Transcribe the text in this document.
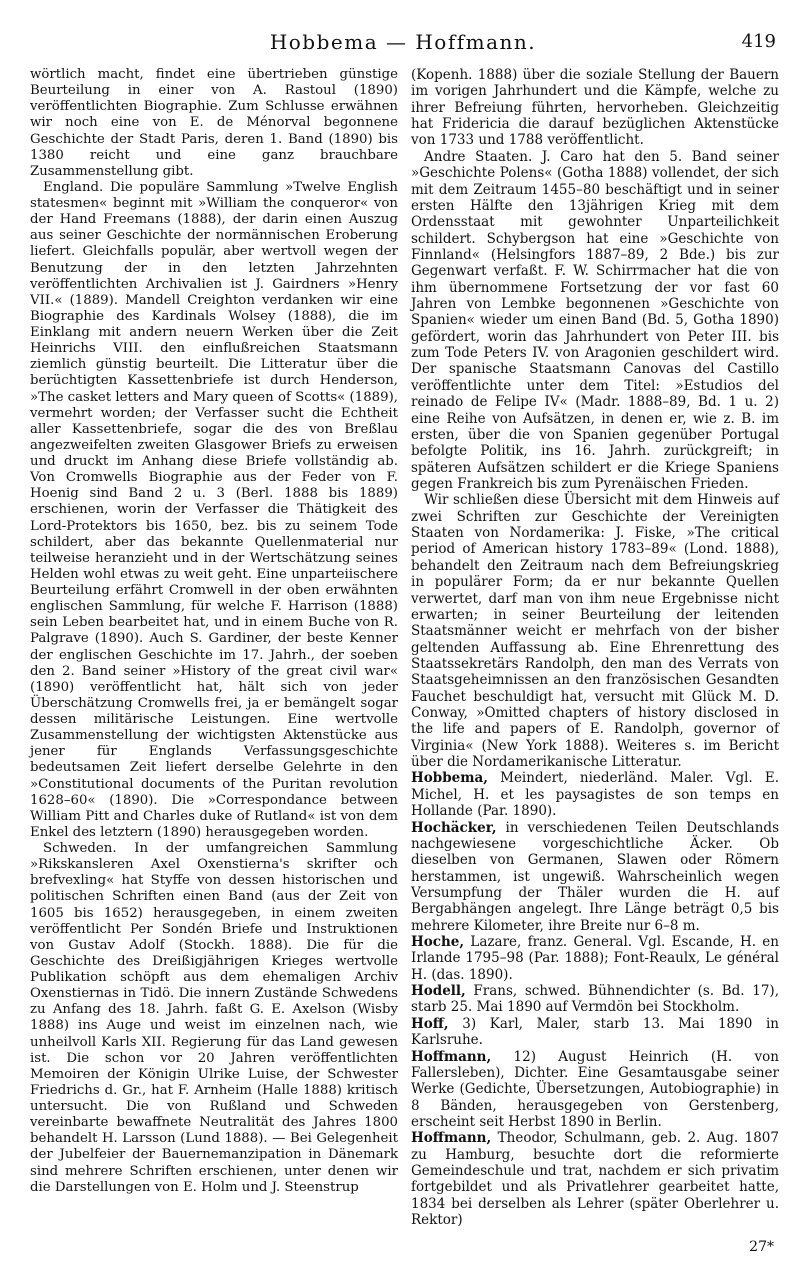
Hobbema — Hoffmann.	419

wörtlich macht, findet eine übertrieben günstige Beurteilung in einer von A. Rastoul (1890) veröffentlichten Biographie. Zum Schlusse erwähnen wir noch eine von E. de Ménorval begonnene Geschichte der Stadt Paris, deren 1. Band (1890) bis 1380 reicht und eine ganz brauchbare Zusammenstellung gibt.

England. Die populäre Sammlung »Twelve English statesmen« beginnt mit »William the conqueror« von der Hand Freemans (1888), der darin einen Auszug aus seiner Geschichte der normännischen Eroberung liefert. Gleichfalls populär, aber wertvoll wegen der Benutzung der in den letzten Jahrzehnten veröffentlichten Archivalien ist J. Gairdners »Henry VII.« (1889). Mandell Creighton verdanken wir eine Biographie des Kardinals Wolsey (1888), die im Einklang mit andern neuern Werken über die Zeit Heinrichs VIII. den einflußreichen Staatsmann ziemlich günstig beurteilt. Die Litteratur über die berüchtigten Kassettenbriefe ist durch Henderson, »The casket letters and Mary queen of Scotts« (1889), vermehrt worden; der Verfasser sucht die Echtheit aller Kassettenbriefe, sogar die des von Breßlau angezweifelten zweiten Glasgower Briefs zu erweisen und druckt im Anhang diese Briefe vollständig ab. Von Cromwells Biographie aus der Feder von F. Hoenig sind Band 2 u. 3 (Berl. 1888 bis 1889) erschienen, worin der Verfasser die Thätigkeit des Lord-Protektors bis 1650, bez. bis zu seinem Tode schildert, aber das bekannte Quellenmaterial nur teilweise heranzieht und in der Wertschätzung seines Helden wohl etwas zu weit geht. Eine unparteiischere Beurteilung erfährt Cromwell in der oben erwähnten englischen Sammlung, für welche F. Harrison (1888) sein Leben bearbeitet hat, und in einem Buche von R. Palgrave (1890). Auch S. Gardiner, der beste Kenner der englischen Geschichte im 17. Jahrh., der soeben den 2. Band seiner »History of the great civil war« (1890) veröffentlicht hat, hält sich von jeder Überschätzung Cromwells frei, ja er bemängelt sogar dessen militärische Leistungen. Eine wertvolle Zusammenstellung der wichtigsten Aktenstücke aus jener für Englands Verfassungsgeschichte bedeutsamen Zeit liefert derselbe Gelehrte in den »Constitutional documents of the Puritan revolution 1628–60« (1890). Die »Correspondance between William Pitt and Charles duke of Rutland« ist von dem Enkel des letztern (1890) herausgegeben worden.

Schweden. In der umfangreichen Sammlung »Rikskansleren Axel Oxenstierna's skrifter och brefvexling« hat Styffe von dessen historischen und politischen Schriften einen Band (aus der Zeit von 1605 bis 1652) herausgegeben, in einem zweiten veröffentlicht Per Sondén Briefe und Instruktionen von Gustav Adolf (Stockh. 1888). Die für die Geschichte des Dreißigjährigen Krieges wertvolle Publikation schöpft aus dem ehemaligen Archiv Oxenstiernas in Tidö. Die innern Zustände Schwedens zu Anfang des 18. Jahrh. faßt G. E. Axelson (Wisby 1888) ins Auge und weist im einzelnen nach, wie unheilvoll Karls XII. Regierung für das Land gewesen ist. Die schon vor 20 Jahren veröffentlichten Memoiren der Königin Ulrike Luise, der Schwester Friedrichs d. Gr., hat F. Arnheim (Halle 1888) kritisch untersucht. Die von Rußland und Schweden vereinbarte bewaffnete Neutralität des Jahres 1800 behandelt H. Larsson (Lund 1888). — Bei Gelegenheit der Jubelfeier der Bauernemanzipation in Dänemark sind mehrere Schriften erschienen, unter denen wir die Darstellungen von E. Holm und J. Steenstrup

(Kopenh. 1888) über die soziale Stellung der Bauern im vorigen Jahrhundert und die Kämpfe, welche zu ihrer Befreiung führten, hervorheben. Gleichzeitig hat Fridericia die darauf bezüglichen Aktenstücke von 1733 und 1788 veröffentlicht.

Andre Staaten. J. Caro hat den 5. Band seiner »Geschichte Polens« (Gotha 1888) vollendet, der sich mit dem Zeitraum 1455–80 beschäftigt und in seiner ersten Hälfte den 13jährigen Krieg mit dem Ordensstaat mit gewohnter Unparteilichkeit schildert. Schybergson hat eine »Geschichte von Finnland« (Helsingfors 1887–89, 2 Bde.) bis zur Gegenwart verfaßt. F. W. Schirrmacher hat die von ihm übernommene Fortsetzung der vor fast 60 Jahren von Lembke begonnenen »Geschichte von Spanien« wieder um einen Band (Bd. 5, Gotha 1890) gefördert, worin das Jahrhundert von Peter III. bis zum Tode Peters IV. von Aragonien geschildert wird. Der spanische Staatsmann Canovas del Castillo veröffentlichte unter dem Titel: »Estudios del reinado de Felipe IV« (Madr. 1888–89, Bd. 1 u. 2) eine Reihe von Aufsätzen, in denen er, wie z. B. im ersten, über die von Spanien gegenüber Portugal befolgte Politik, ins 16. Jahrh. zurückgreift; in späteren Aufsätzen schildert er die Kriege Spaniens gegen Frankreich bis zum Pyrenäischen Frieden.

Wir schließen diese Übersicht mit dem Hinweis auf zwei Schriften zur Geschichte der Vereinigten Staaten von Nordamerika: J. Fiske, »The critical period of American history 1783–89« (Lond. 1888), behandelt den Zeitraum nach dem Befreiungskrieg in populärer Form; da er nur bekannte Quellen verwertet, darf man von ihm neue Ergebnisse nicht erwarten; in seiner Beurteilung der leitenden Staatsmänner weicht er mehrfach von der bisher geltenden Auffassung ab. Eine Ehrenrettung des Staatssekretärs Randolph, den man des Verrats von Staatsgeheimnissen an den französischen Gesandten Fauchet beschuldigt hat, versucht mit Glück M. D. Conway, »Omitted chapters of history disclosed in the life and papers of E. Randolph, governor of Virginia« (New York 1888). Weiteres s. im Bericht über die Nordamerikanische Litteratur.

Hobbema, Meindert, niederländ. Maler. Vgl. E. Michel, H. et les paysagistes de son temps en Hollande (Par. 1890).

Hochäcker, in verschiedenen Teilen Deutschlands nachgewiesene vorgeschichtliche Äcker. Ob dieselben von Germanen, Slawen oder Römern herstammen, ist ungewiß. Wahrscheinlich wegen Versumpfung der Thäler wurden die H. auf Bergabhängen angelegt. Ihre Länge beträgt 0,5 bis mehrere Kilometer, ihre Breite nur 6–8 m.

Hoche, Lazare, franz. General. Vgl. Escande, H. en Irlande 1795–98 (Par. 1888); Font-Reaulx, Le général H. (das. 1890).

Hodell, Frans, schwed. Bühnendichter (s. Bd. 17), starb 25. Mai 1890 auf Vermdön bei Stockholm.

Hoff, 3) Karl, Maler, starb 13. Mai 1890 in Karlsruhe.

Hoffmann, 12) August Heinrich (H. von Fallersleben), Dichter. Eine Gesamtausgabe seiner Werke (Gedichte, Übersetzungen, Autobiographie) in 8 Bänden, herausgegeben von Gerstenberg, erscheint seit Herbst 1890 in Berlin.

Hoffmann, Theodor, Schulmann, geb. 2. Aug. 1807 zu Hamburg, besuchte dort die reformierte Gemeindeschule und trat, nachdem er sich privatim fortgebildet und als Privatlehrer gearbeitet hatte, 1834 bei derselben als Lehrer (später Oberlehrer u. Rektor)

27*
